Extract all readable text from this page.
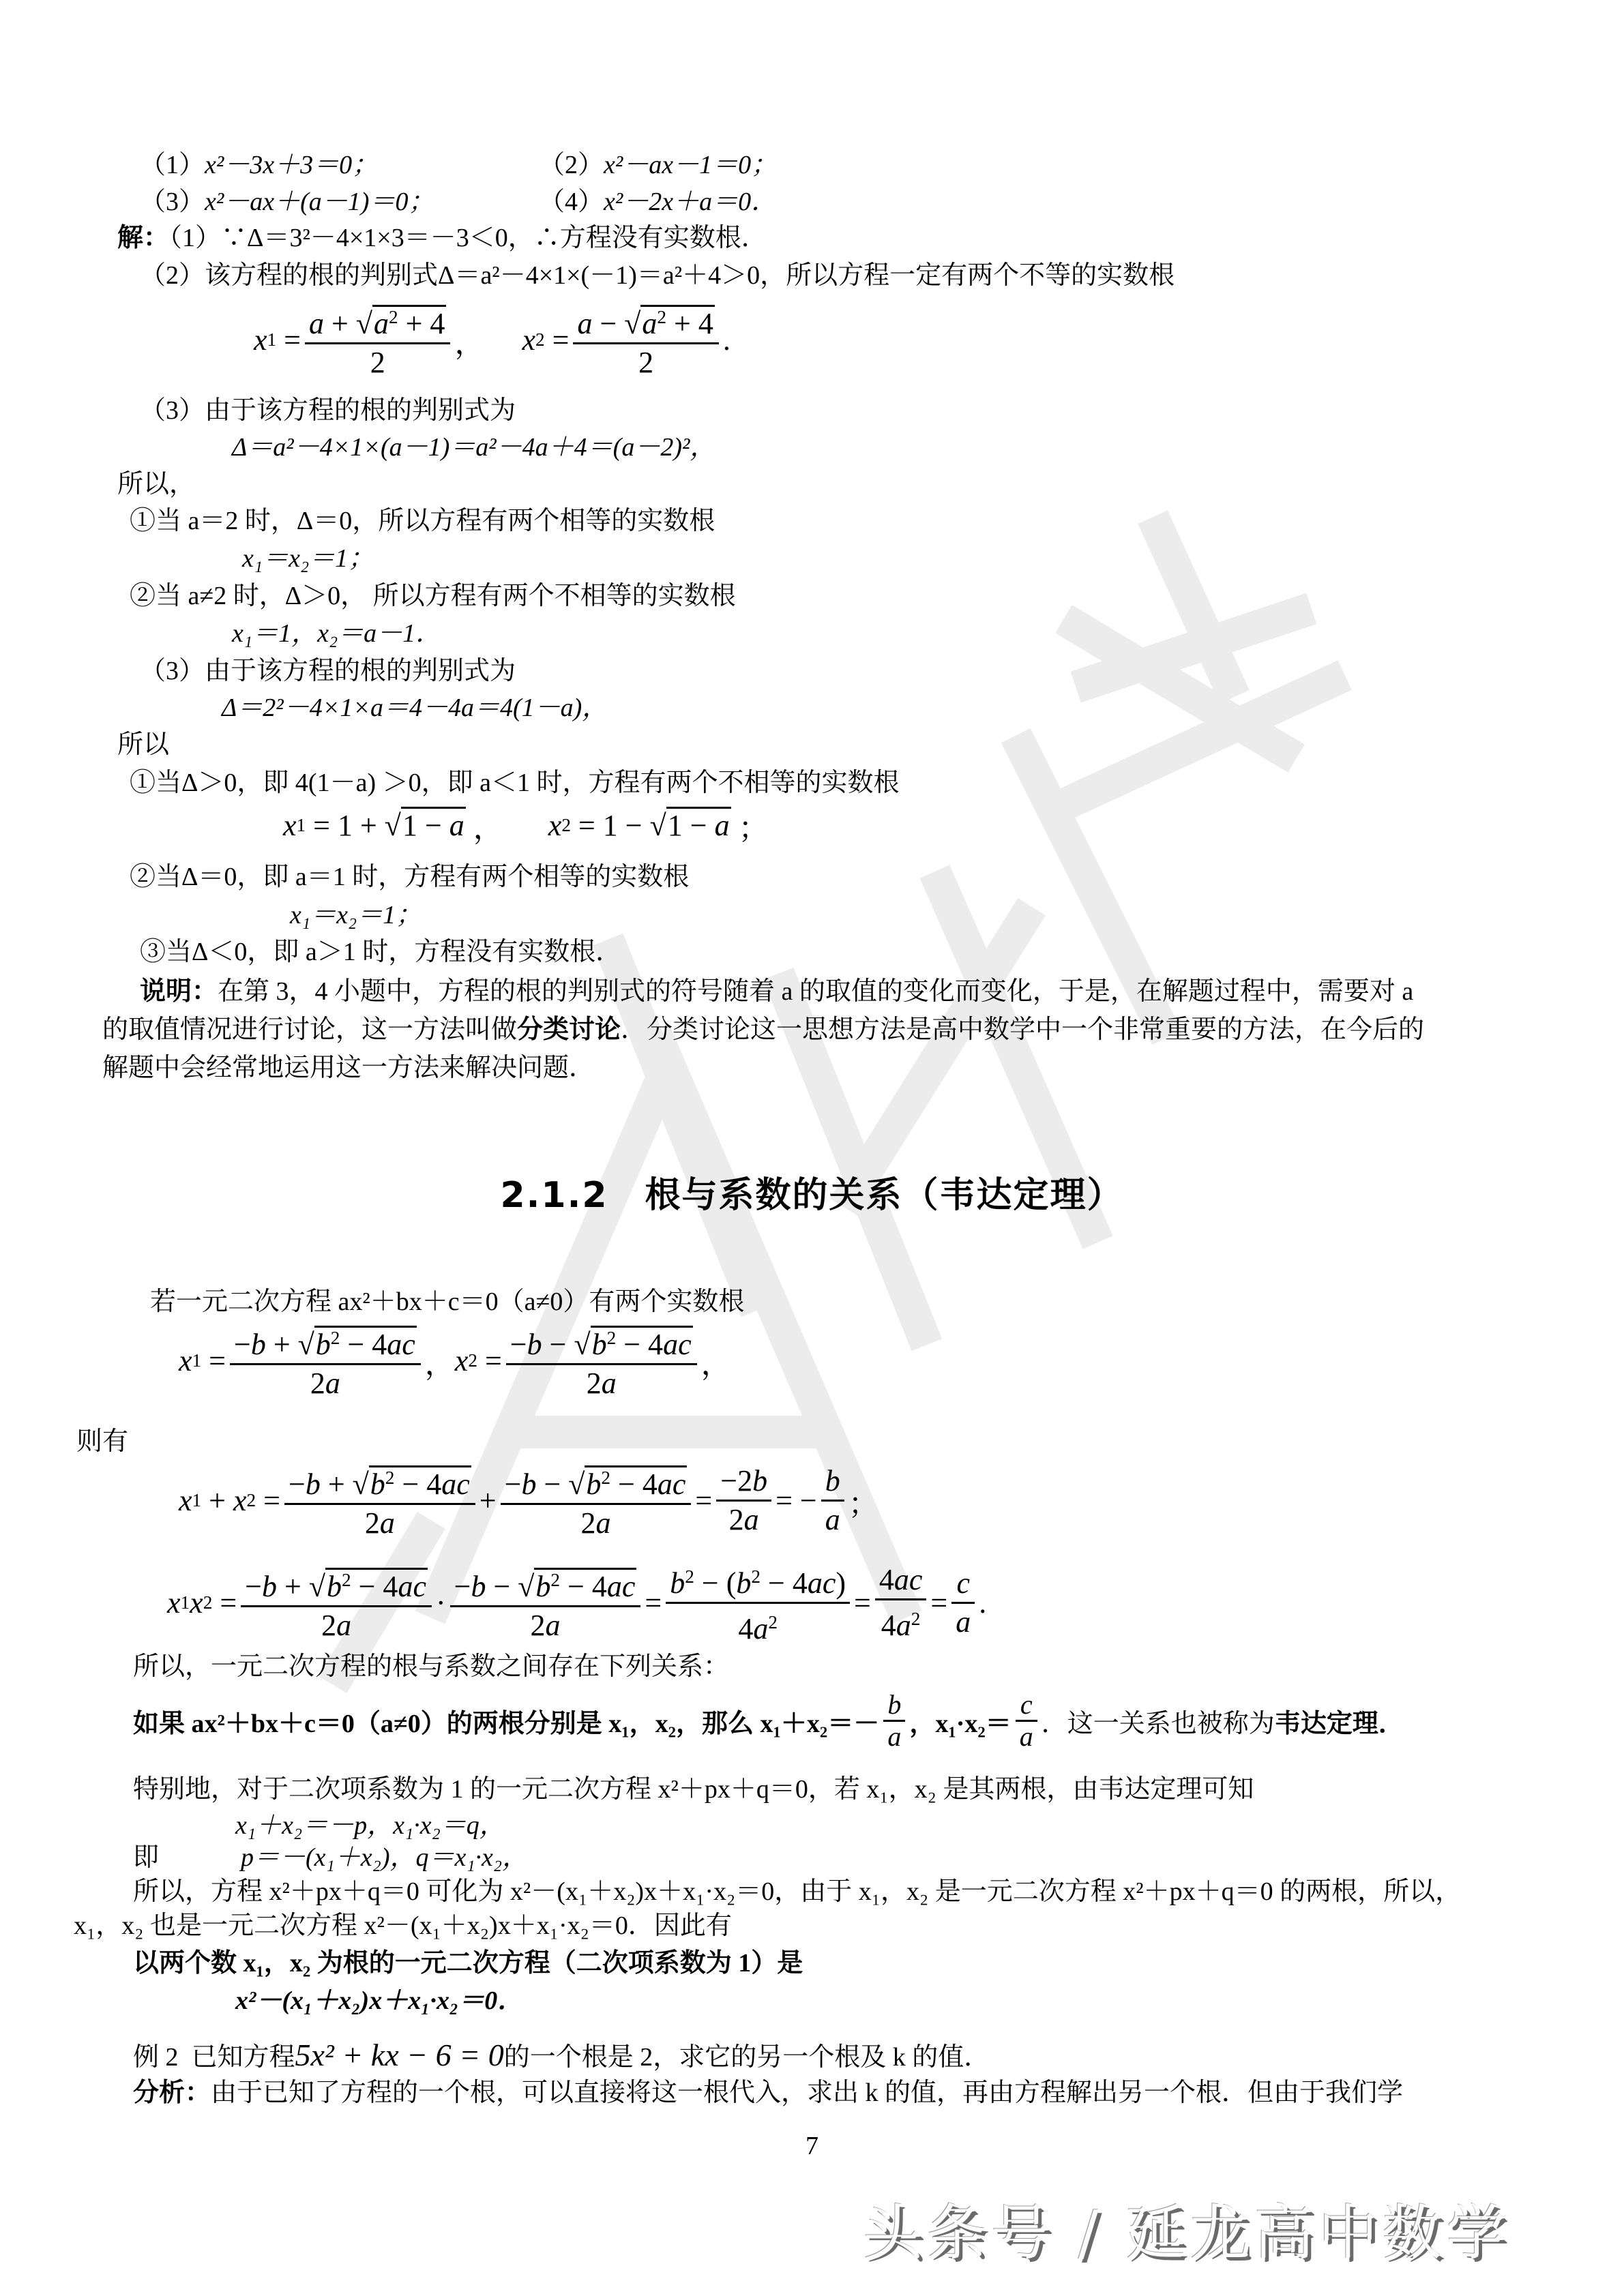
（1）x²－3x＋3＝0；	（2）x²－ax－1＝0；
（3）x²－ax＋(a－1)＝0；	（4）x²－2x＋a＝0．
解：（1）∵Δ＝3²－4×1×3＝－3＜0，∴方程没有实数根．
（2）该方程的根的判别式Δ＝a²－4×1×(－1)＝a²＋4＞0，所以方程一定有两个不等的实数根
x $1 = \frac{a + √a^2 + 4}{2}$ ， x $2 = \frac{a - √a^2 + 4}{2}$ .
（3）由于该方程的根的判别式为
Δ＝a²－4×1×(a－1)＝a²－4a＋4＝(a－2)²，
所以，
①当 a＝2 时，Δ＝0，所以方程有两个相等的实数根
x₁＝x₂＝1；
②当 a≠2 时，Δ＞0， 所以方程有两个不相等的实数根
x₁＝1，x₂＝a－1．
（3）由于该方程的根的判别式为
Δ＝2²－4×1×a＝4－4a＝4(1－a)，
所以
①当Δ＞0，即 4(1－a) ＞0，即 a＜1 时，方程有两个不相等的实数根
x 1 = 1 + √ 1 − a ， x 2 = 1 − √ 1 − a ；
②当Δ＝0，即 a＝1 时，方程有两个相等的实数根
x₁＝x₂＝1；
③当Δ＜0，即 a＞1 时，方程没有实数根．
说明：在第 3，4 小题中，方程的根的判别式的符号随着 a 的取值的变化而变化，于是，在解题过程中，需要对 a
的取值情况进行讨论，这一方法叫做分类讨论．分类讨论这一思想方法是高中数学中一个非常重要的方法，在今后的
解题中会经常地运用这一方法来解决问题．
2.1.2　根与系数的关系（韦达定理）
若一元二次方程 ax²＋bx＋c＝0（a≠0）有两个实数根
x $1 = \frac{-b + √b^2 - 4ac}{2a}$ ， x $2 = \frac{-b - √b^2 - 4ac}{2a}$ ，
则有
x 1 + x $2 = \frac{-b + √b^2 - 4ac}{2a} + \frac{-b - √b^2 - 4ac}{2a} = \frac{-2b}{2a}$ = − $\frac{b}{a}$ ；
x 1 x $2 = \frac{-b + √b^2 - 4ac}{2a} \cdot \frac{-b - √b^2 - 4ac}{2a} = \frac{b^2 - (b^2 - 4ac)}{4a^2} = \frac{4ac}{4a^2} = \frac{c}{a}$ .
所以，一元二次方程的根与系数之间存在下列关系：
如果 ax²＋bx＋c＝0（a≠0）的两根分别是 x₁，x₂，那么 $x_1+x_2=- \frac{b}{a}$ ，$x_1\cdot x_2= \frac{c}{a}$ ．这一关系也被称为 韦达定理 ．
特别地，对于二次项系数为 1 的一元二次方程 x²＋px＋q＝0，若 x₁，x₂ 是其两根，由韦达定理可知
x₁＋x₂＝－p，x₁·x₂＝q，
即	p＝－(x₁＋x₂)，q＝x₁·x₂，
所以，方程 x²＋px＋q＝0 可化为 x²－(x₁＋x₂)x＋x₁·x₂＝0，由于 x₁，x₂ 是一元二次方程 x²＋px＋q＝0 的两根，所以，
x₁，x₂ 也是一元二次方程 x²－(x₁＋x₂)x＋x₁·x₂＝0．因此有
以两个数 x₁，x₂ 为根的一元二次方程（二次项系数为 1）是
x²－(x₁＋x₂)x＋x₁·x₂＝0．
例 2 已知方程5x² + kx − 6 = 0的一个根是 2，求它的另一个根及 k 的值．
分析：由于已知了方程的一个根，可以直接将这一根代入，求出 k 的值，再由方程解出另一个根．但由于我们学
7
头条号 / 延龙高中数学
